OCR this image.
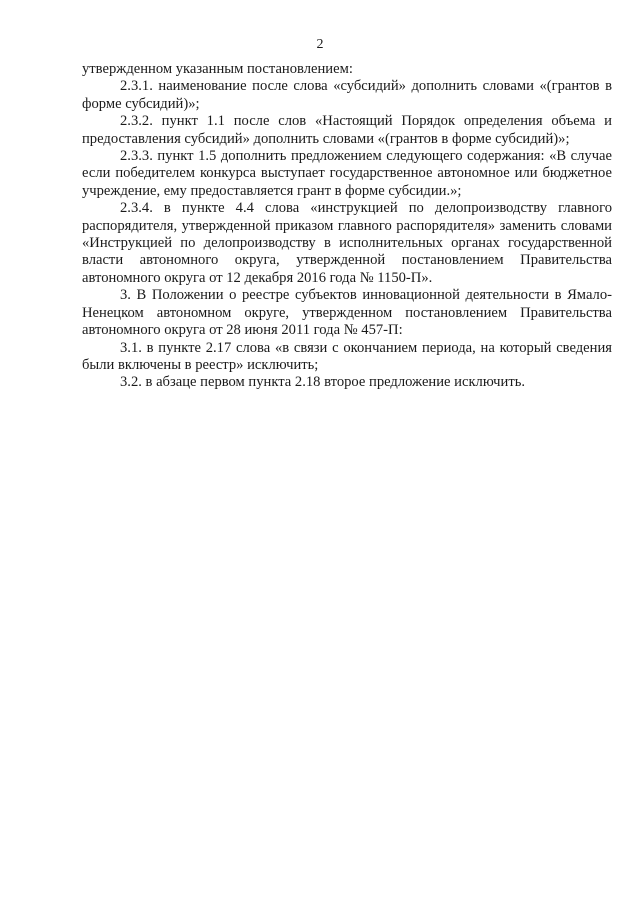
2

утвержденном указанным постановлением:

2.3.1. наименование после слова «субсидий» дополнить словами «(грантов в форме субсидий)»;

2.3.2. пункт 1.1 после слов «Настоящий Порядок определения объема и предоставления субсидий» дополнить словами «(грантов в форме субсидий)»;

2.3.3. пункт 1.5 дополнить предложением следующего содержания: «В случае если победителем конкурса выступает государственное автономное или бюджетное учреждение, ему предоставляется грант в форме субсидии.»;

2.3.4. в пункте 4.4 слова «инструкцией по делопроизводству главного распорядителя, утвержденной приказом главного распорядителя» заменить словами «Инструкцией по делопроизводству в исполнительных органах государственной власти автономного округа, утвержденной постановлением Правительства автономного округа от 12 декабря 2016 года № 1150-П».

3. В Положении о реестре субъектов инновационной деятельности в Ямало-Ненецком автономном округе, утвержденном постановлением Правительства автономного округа от 28 июня 2011 года № 457-П:

3.1. в пункте 2.17 слова «в связи с окончанием периода, на который сведения были включены в реестр» исключить;

3.2. в абзаце первом пункта 2.18 второе предложение исключить.
